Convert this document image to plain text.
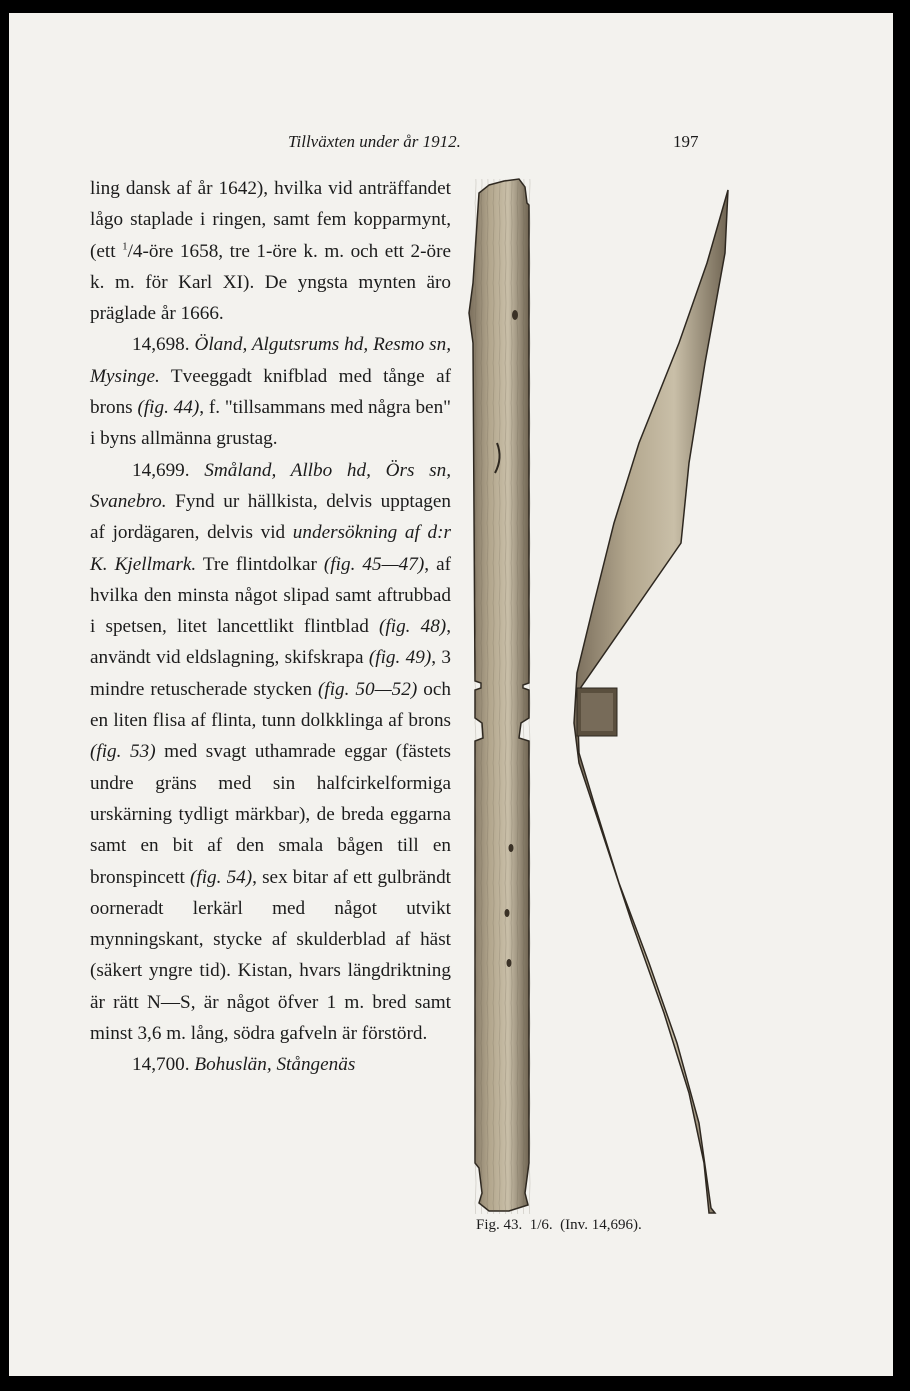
Tillväxten under år 1912.	197

ling dansk af år 1642), hvilka vid anträffandet lågo staplade i ringen, samt fem kopparmynt, (ett $^1$/4-öre 1658, tre 1-öre k. m. och ett 2-öre k. m. för Karl XI). De yngsta mynten äro präglade år 1666.

14,698. Öland, Algutsrums hd, Resmo sn, Mysinge. Tveeggadt knifblad med tånge af brons (fig. 44), f. "tillsammans med några ben" i byns allmänna grustag.

14,699. Småland, Allbo hd, Örs sn, Svanebro. Fynd ur hällkista, delvis upptagen af jordägaren, delvis vid undersökning af d:r K. Kjellmark. Tre flintdolkar (fig. 45—47), af hvilka den minsta något slipad samt aftrubbad i spetsen, litet lancettlikt flintblad (fig. 48), användt vid eldslagning, skifskrapa (fig. 49), 3 mindre retuscherade stycken (fig. 50—52) och en liten flisa af flinta, tunn dolkklinga af brons (fig. 53) med svagt uthamrade eggar (fästets undre gräns med sin halfcirkelformiga urskärning tydligt märkbar), de breda eggarna samt en bit af den smala bågen till en bronspincett (fig. 54), sex bitar af ett gulbrändt oorneradt lerkärl med något utvikt mynningskant, stycke af skulderblad af häst (säkert yngre tid). Kistan, hvars längdriktning är rätt N—S, är något öfver 1 m. bred samt minst 3,6 m. lång, södra gafveln är förstörd.

14,700. Bohuslän, Stångenäs

Fig. 43.  1/6.  (Inv. 14,696).
